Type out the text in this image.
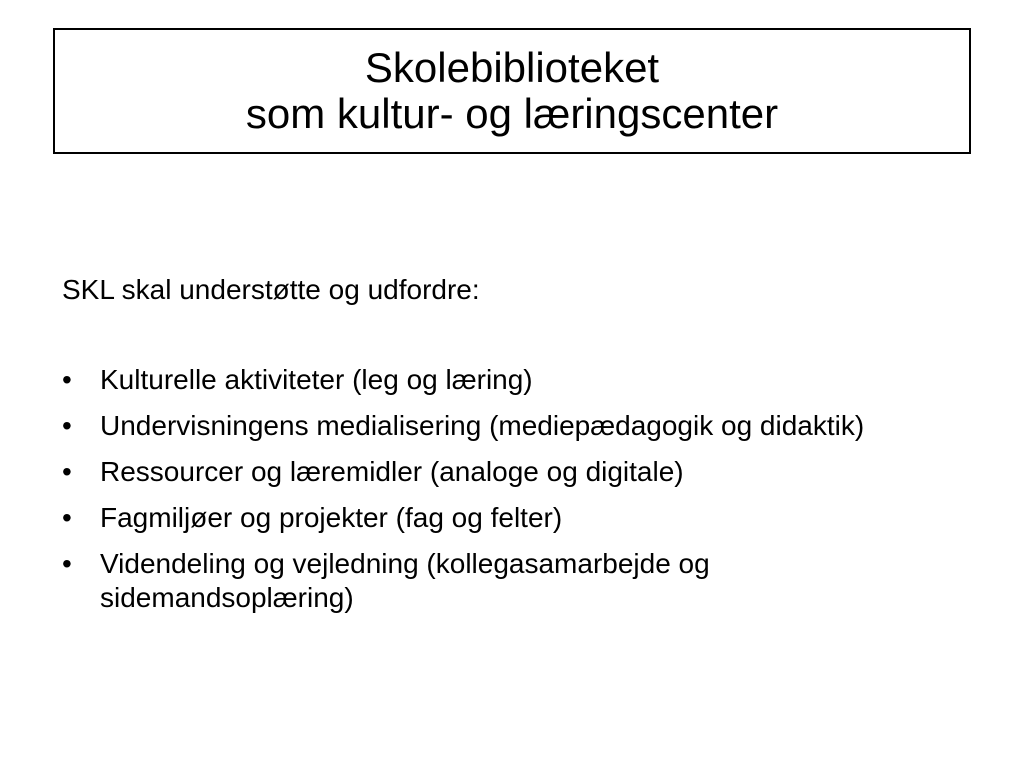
Skolebiblioteket
som kultur- og læringscenter
SKL skal understøtte og udfordre:
•	Kulturelle aktiviteter (leg og læring)
•	Undervisningens medialisering (mediepædagogik og didaktik)
•	Ressourcer og læremidler (analoge og digitale)
•	Fagmiljøer og projekter (fag og felter)
•	Videndeling og vejledning (kollegasamarbejde og sidemandsoplæring)
